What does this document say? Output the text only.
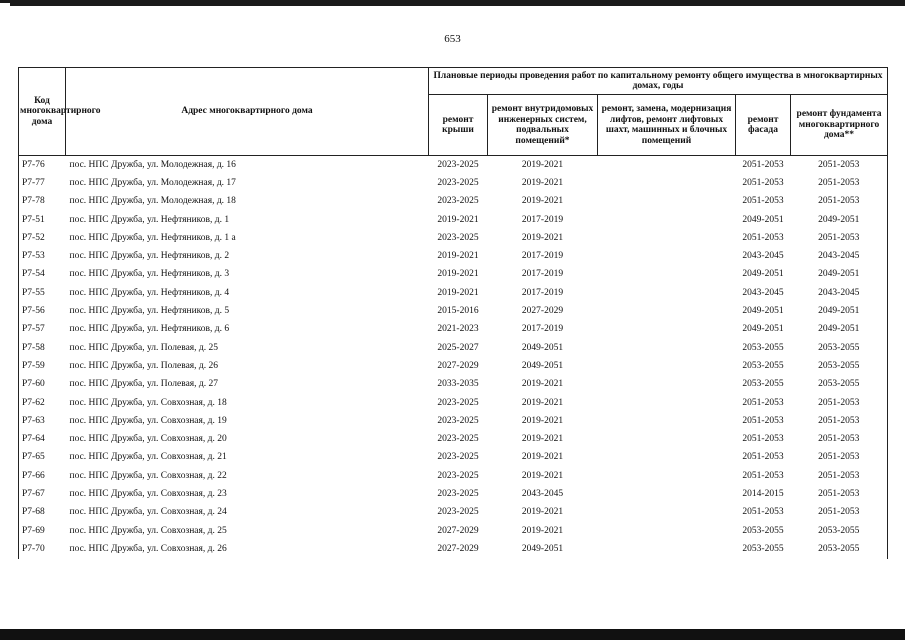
653
Код многоквартирного дома	Адрес многоквартирного дома	Плановые периоды проведения работ по капитальному ремонту общего имущества в многоквартирных домах, годы				
		ремонт крыши	ремонт внутридомовых инженерных систем, подвальных помещений*	ремонт, замена, модернизация лифтов, ремонт лифтовых шахт, машинных и блочных помещений	ремонт фасада	ремонт фундамента многоквартирного дома**
Р7-76	пос. НПС Дружба, ул. Молодежная, д. 16	2023-2025	2019-2021		2051-2053	2051-2053
Р7-77	пос. НПС Дружба, ул. Молодежная, д. 17	2023-2025	2019-2021		2051-2053	2051-2053
Р7-78	пос. НПС Дружба, ул. Молодежная, д. 18	2023-2025	2019-2021		2051-2053	2051-2053
Р7-51	пос. НПС Дружба, ул. Нефтяников, д. 1	2019-2021	2017-2019		2049-2051	2049-2051
Р7-52	пос. НПС Дружба, ул. Нефтяников, д. 1 а	2023-2025	2019-2021		2051-2053	2051-2053
Р7-53	пос. НПС Дружба, ул. Нефтяников, д. 2	2019-2021	2017-2019		2043-2045	2043-2045
Р7-54	пос. НПС Дружба, ул. Нефтяников, д. 3	2019-2021	2017-2019		2049-2051	2049-2051
Р7-55	пос. НПС Дружба, ул. Нефтяников, д. 4	2019-2021	2017-2019		2043-2045	2043-2045
Р7-56	пос. НПС Дружба, ул. Нефтяников, д. 5	2015-2016	2027-2029		2049-2051	2049-2051
Р7-57	пос. НПС Дружба, ул. Нефтяников, д. 6	2021-2023	2017-2019		2049-2051	2049-2051
Р7-58	пос. НПС Дружба, ул. Полевая, д. 25	2025-2027	2049-2051		2053-2055	2053-2055
Р7-59	пос. НПС Дружба, ул. Полевая, д. 26	2027-2029	2049-2051		2053-2055	2053-2055
Р7-60	пос. НПС Дружба, ул. Полевая, д. 27	2033-2035	2019-2021		2053-2055	2053-2055
Р7-62	пос. НПС Дружба, ул. Совхозная, д. 18	2023-2025	2019-2021		2051-2053	2051-2053
Р7-63	пос. НПС Дружба, ул. Совхозная, д. 19	2023-2025	2019-2021		2051-2053	2051-2053
Р7-64	пос. НПС Дружба, ул. Совхозная, д. 20	2023-2025	2019-2021		2051-2053	2051-2053
Р7-65	пос. НПС Дружба, ул. Совхозная, д. 21	2023-2025	2019-2021		2051-2053	2051-2053
Р7-66	пос. НПС Дружба, ул. Совхозная, д. 22	2023-2025	2019-2021		2051-2053	2051-2053
Р7-67	пос. НПС Дружба, ул. Совхозная, д. 23	2023-2025	2043-2045		2014-2015	2051-2053
Р7-68	пос. НПС Дружба, ул. Совхозная, д. 24	2023-2025	2019-2021		2051-2053	2051-2053
Р7-69	пос. НПС Дружба, ул. Совхозная, д. 25	2027-2029	2019-2021		2053-2055	2053-2055
Р7-70	пос. НПС Дружба, ул. Совхозная, д. 26	2027-2029	2049-2051		2053-2055	2053-2055
